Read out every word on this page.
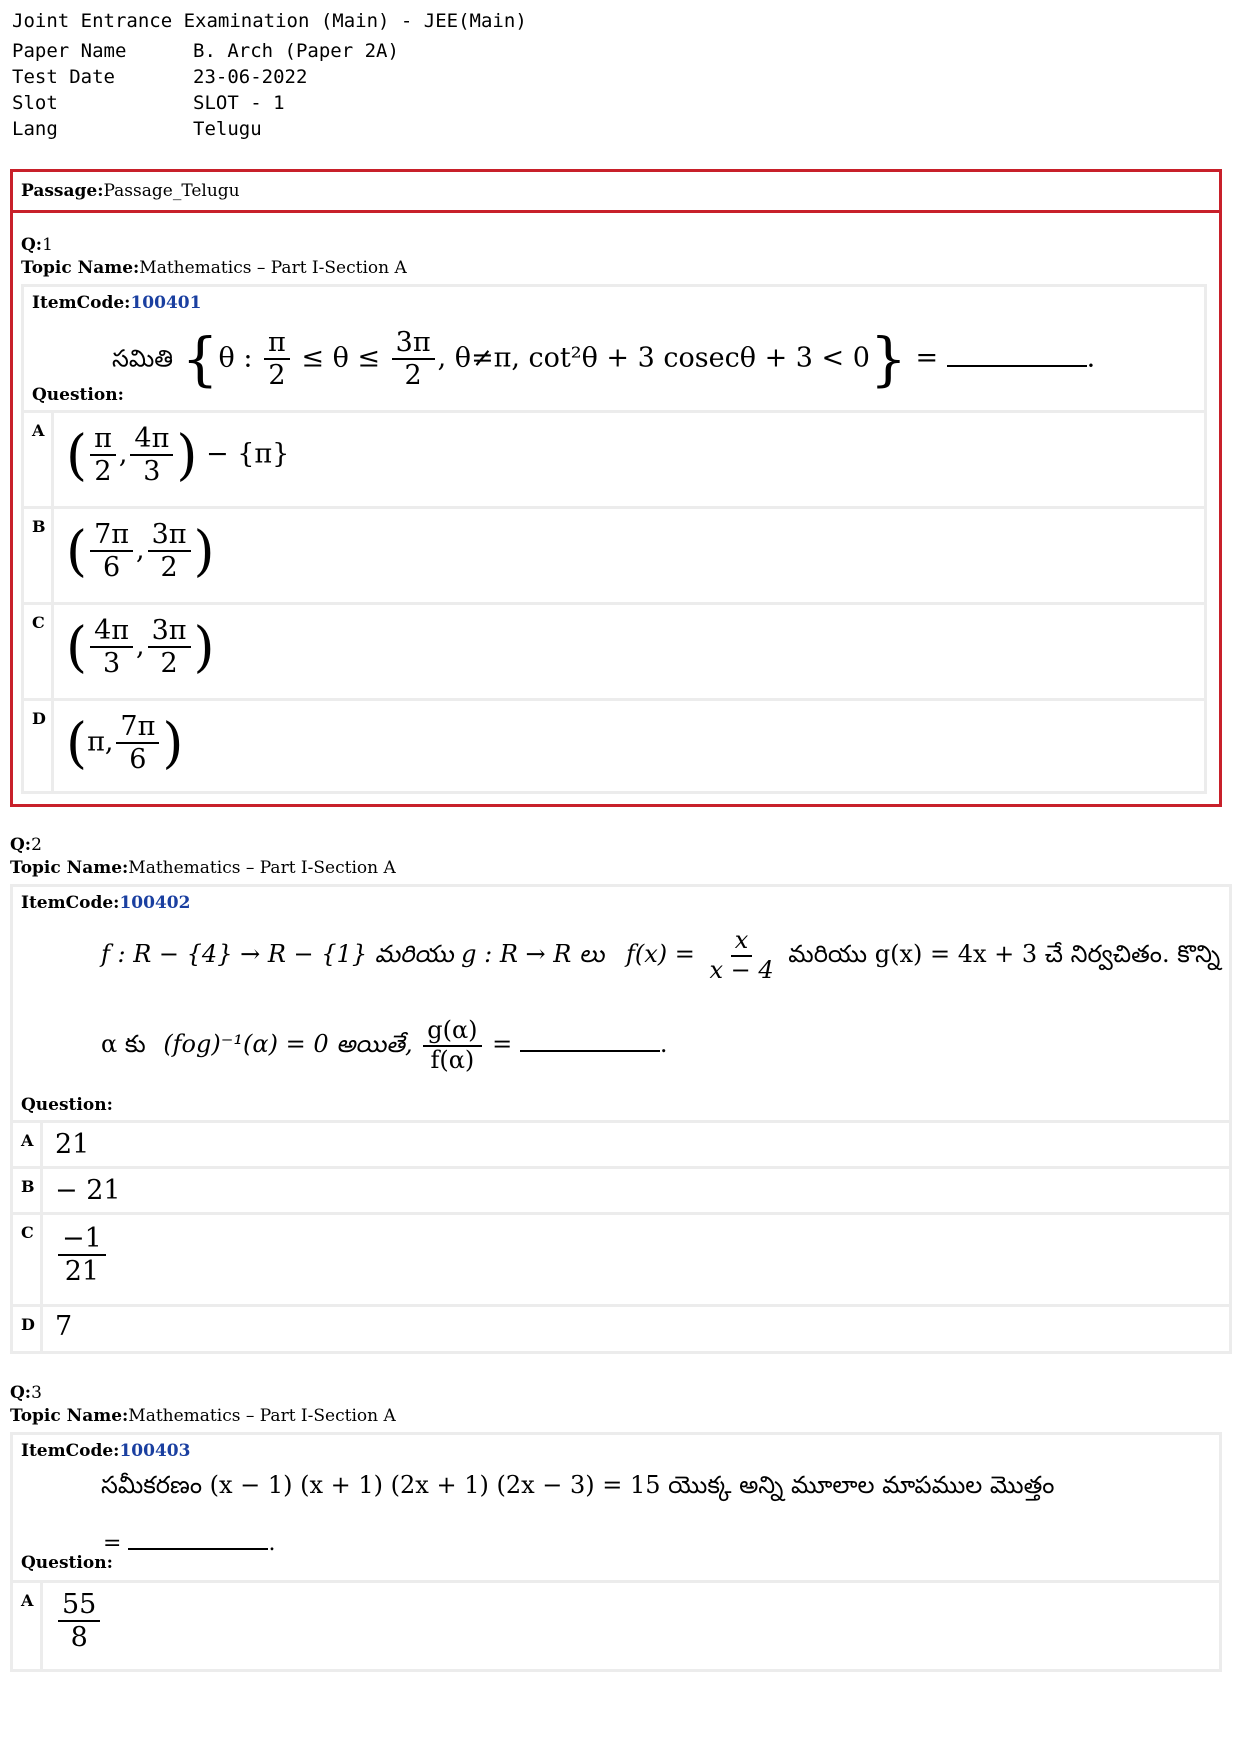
Joint Entrance Examination (Main) - JEE(Main)
Paper Name	B. Arch (Paper 2A)
Test Date	23-06-2022
Slot	SLOT - 1
Lang	Telugu
Passage:Passage_Telugu
Q:1
Topic Name:Mathematics – Part I-Section A
ItemCode:100401
సమితి {θ : $\frac{\pi}{2} \le \theta \le \frac{3\pi}{2}$ , θ≠π, cot²θ + 3 cosecθ + 3 < 0} =	.
Question:
A ( $\frac{\pi}{2}$ , $\frac{4\pi}{3}$ ) − {π}
B ( $\frac{7\pi}{6}$ , $\frac{3\pi}{2}$ )
C ( $\frac{4\pi}{3}$ , $\frac{3\pi}{2}$ )
D (π, $\frac{7\pi}{6}$ )
Q:2
Topic Name:Mathematics – Part I-Section A
ItemCode:100402
f : R − {4} → R − {1} మరియు g : R → R లు $f(x) = \frac{x}{x - 4}$ మరియు g(x) = 4x + 3 చే నిర్వచితం. కొన్ని
α కు (fog)⁻¹(α) = 0 అయితే, $\frac{g(\alpha)}{f(\alpha)}$ =	.
Question:
A 21
B − 21
C $\frac{-1}{21}$
D 7
Q:3
Topic Name:Mathematics – Part I-Section A
ItemCode:100403
సమీకరణం (x − 1) (x + 1) (2x + 1) (2x − 3) = 15 యొక్క అన్ని మూలాల మాపముల మొత్తం
=	.
Question:
A $\frac{55}{8}$
